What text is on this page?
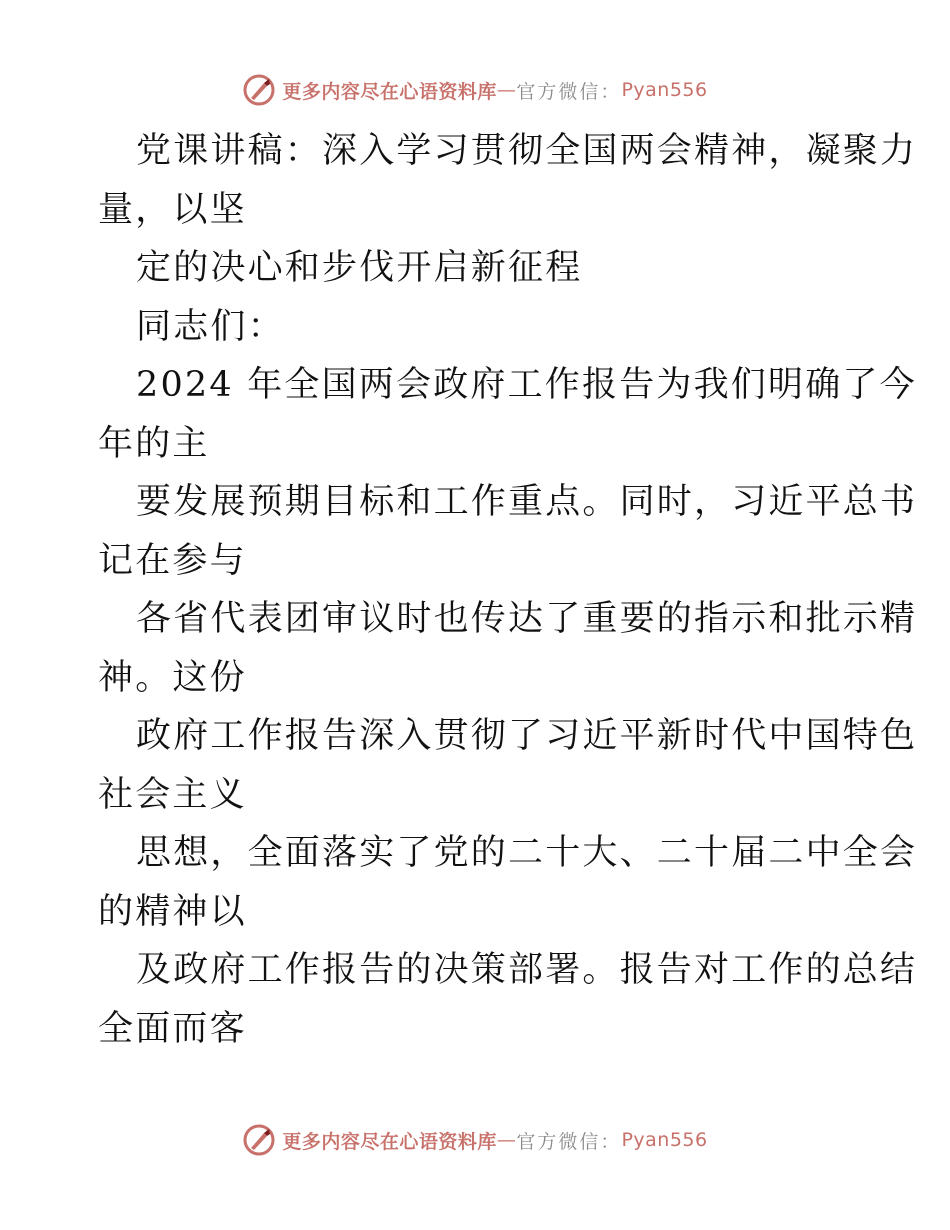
更多内容尽在心语资料库 — 官方微信： Pyan556
党课讲稿：深入学习贯彻全国两会精神，凝聚力
量，以坚
定的决心和步伐开启新征程
同志们：
2024 年全国两会政府工作报告为我们明确了今
年的主
要发展预期目标和工作重点。同时，习近平总书
记在参与
各省代表团审议时也传达了重要的指示和批示精
神。这份
政府工作报告深入贯彻了习近平新时代中国特色
社会主义
思想，全面落实了党的二十大、二十届二中全会
的精神以
及政府工作报告的决策部署。报告对工作的总结
全面而客
更多内容尽在心语资料库 — 官方微信： Pyan556
